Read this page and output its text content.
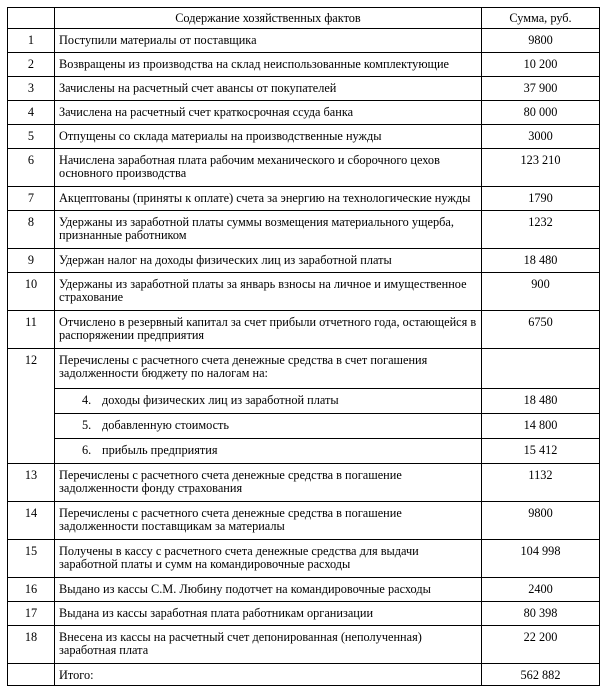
	Содержание хозяйственных фактов	Сумма, руб.
1	Поступили материалы от поставщика	9800
2	Возвращены из производства на склад неиспользованные комплектующие	10 200
3	Зачислены на расчетный счет авансы от покупателей	37 900
4	Зачислена на расчетный счет краткосрочная ссуда банка	80 000
5	Отпущены со склада материалы на производственные нужды	3000
6	Начислена заработная плата рабочим механического и сборочного цехов основного производства	123 210
7	Акцептованы (приняты к оплате) счета за энергию на технологические нужды	1790
8	Удержаны из заработной платы суммы возмещения материального ущерба, признанные работником	1232
9	Удержан налог на доходы физических лиц из заработной платы	18 480
10	Удержаны из заработной платы за январь взносы на личное и имущественное страхование	900
11	Отчислено в резервный капитал за счет прибыли отчетного года, остающейся в распоряжении предприятия	6750
12	Перечислены с расчетного счета денежные средства в счет погашения задолженности бюджету по налогам на:	
	4. доходы физических лиц из заработной платы	18 480
	5. добавленную стоимость	14 800
	6. прибыль предприятия	15 412
13	Перечислены с расчетного счета денежные средства в погашение задолженности фонду страхования	1132
14	Перечислены с расчетного счета денежные средства в погашение задолженности поставщикам за материалы	9800
15	Получены в кассу с расчетного счета денежные средства для выдачи заработной платы и сумм на командировочные расходы	104 998
16	Выдано из кассы С.М. Любину подотчет на командировочные расходы	2400
17	Выдана из кассы заработная плата работникам организации	80 398
18	Внесена из кассы на расчетный счет депонированная (неполученная) заработная плата	22 200
	Итого:	562 882
